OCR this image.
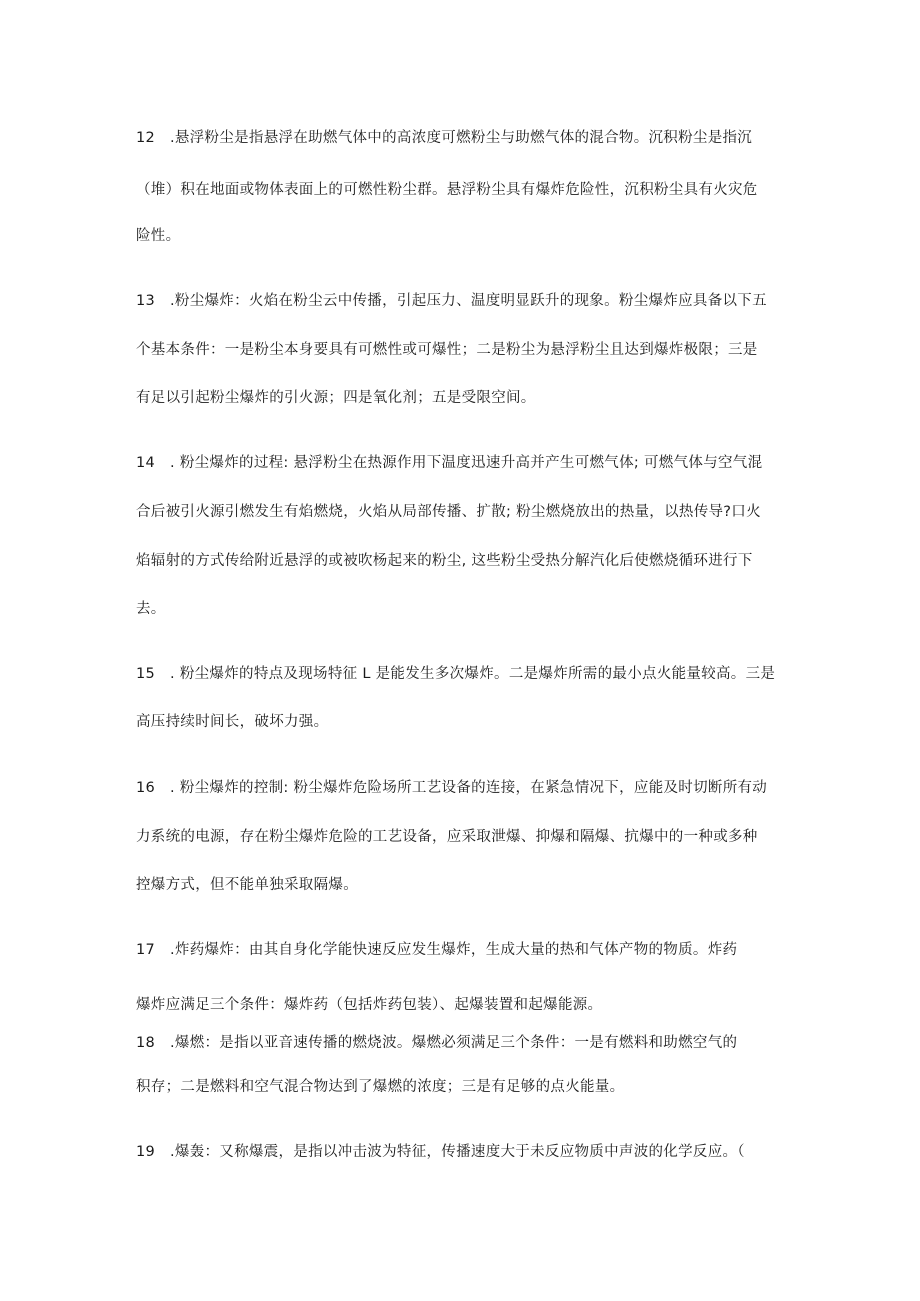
12 .悬浮粉尘是指悬浮在助燃气体中的高浓度可燃粉尘与助燃气体的混合物。沉积粉尘是指沉
（堆）积在地面或物体表面上的可燃性粉尘群。悬浮粉尘具有爆炸危险性，沉积粉尘具有火灾危
险性。
13 .粉尘爆炸：火焰在粉尘云中传播，引起压力、温度明显跃升的现象。粉尘爆炸应具备以下五
个基本条件：一是粉尘本身要具有可燃性或可爆性；二是粉尘为悬浮粉尘且达到爆炸极限；三是
有足以引起粉尘爆炸的引火源；四是氧化剂；五是受限空间。
14 . 粉尘爆炸的过程: 悬浮粉尘在热源作用下温度迅速升高并产生可燃气体; 可燃气体与空气混
合后被引火源引燃发生有焰燃烧，火焰从局部传播、扩散; 粉尘燃烧放出的热量，以热传导?口火
焰辐射的方式传给附近悬浮的或被吹杨起来的粉尘, 这些粉尘受热分解汽化后使燃烧循环进行下
去。
15 . 粉尘爆炸的特点及现场特征 L 是能发生多次爆炸。二是爆炸所需的最小点火能量较高。三是
高压持续时间长，破坏力强。
16 . 粉尘爆炸的控制: 粉尘爆炸危险场所工艺设备的连接，在紧急情况下，应能及时切断所有动
力系统的电源，存在粉尘爆炸危险的工艺设备，应采取泄爆、抑爆和隔爆、抗爆中的一种或多种
控爆方式，但不能单独采取隔爆。
17 .炸药爆炸：由其自身化学能快速反应发生爆炸，生成大量的热和气体产物的物质。炸药
爆炸应满足三个条件：爆炸药（包括炸药包装）、起爆装置和起爆能源。
18 .爆燃：是指以亚音速传播的燃烧波。爆燃必须满足三个条件：一是有燃料和助燃空气的
积存；二是燃料和空气混合物达到了爆燃的浓度；三是有足够的点火能量。
19 .爆轰：又称爆震，是指以冲击波为特征，传播速度大于未反应物质中声波的化学反应。（
